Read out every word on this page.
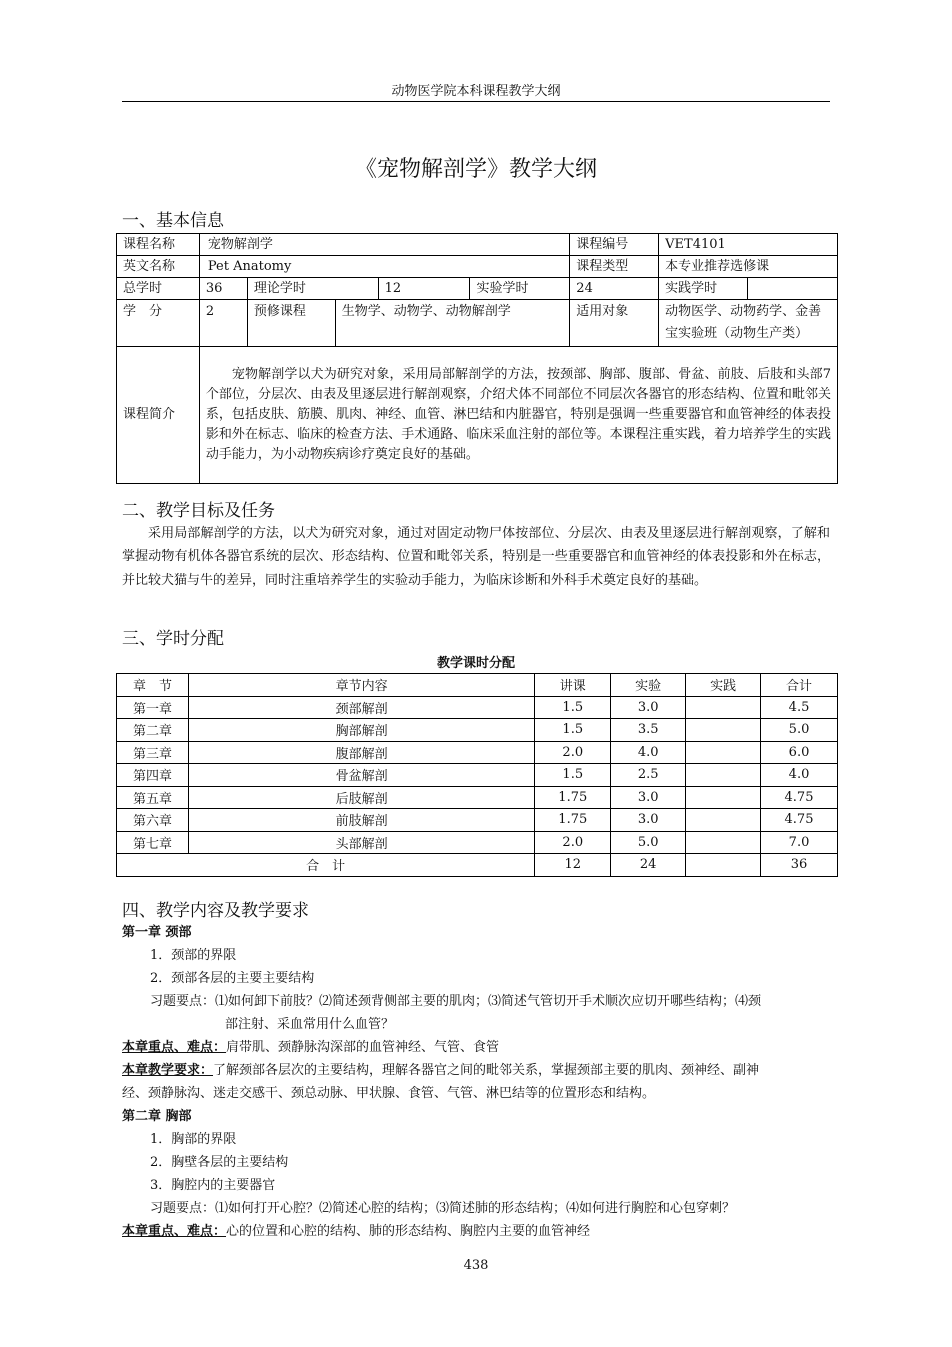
动物医学院本科课程教学大纲
《宠物解剖学》教学大纲
一、基本信息
课程名称	宠物解剖学					课程编号	VET4101	
英文名称	Pet Anatomy					课程类型	本专业推荐选修课	
总学时	36	理论学时		12	实验学时	24	实践学时	
学　分	2	预修课程	生物学、动物学、动物解剖学			适用对象	动物医学、动物药学、金善宝实验班（动物生产类）	
课程简介	宠物解剖学以犬为研究对象，采用局部解剖学的方法，按颈部、胸部、腹部、骨盆、前肢、后肢和头部7个部位，分层次、由表及里逐层进行解剖观察，介绍犬体不同部位不同层次各器官的形态结构、位置和毗邻关系，包括皮肤、筋膜、肌肉、神经、血管、淋巴结和内脏器官，特别是强调一些重要器官和血管神经的体表投影和外在标志、临床的检查方法、手术通路、临床采血注射的部位等。本课程注重实践，着力培养学生的实践动手能力，为小动物疾病诊疗奠定良好的基础。							
二、教学目标及任务
采用局部解剖学的方法，以犬为研究对象，通过对固定动物尸体按部位、分层次、由表及里逐层进行解剖观察，了解和掌握动物有机体各器官系统的层次、形态结构、位置和毗邻关系，特别是一些重要器官和血管神经的体表投影和外在标志，并比较犬猫与牛的差异，同时注重培养学生的实验动手能力，为临床诊断和外科手术奠定良好的基础。
三、学时分配
教学课时分配
章　节	章节内容	讲课	实验	实践	合计
第一章	颈部解剖	1.5	3.0		4.5
第二章	胸部解剖	1.5	3.5		5.0
第三章	腹部解剖	2.0	4.0		6.0
第四章	骨盆解剖	1.5	2.5		4.0
第五章	后肢解剖	1.75	3.0		4.75
第六章	前肢解剖	1.75	3.0		4.75
第七章	头部解剖	2.0	5.0		7.0
合　计		12	24		36
四、教学内容及教学要求
第一章 颈部
1．颈部的界限
2．颈部各层的主要主要结构
习题要点：⑴如何卸下前肢？⑵简述颈背侧部主要的肌肉；⑶简述气管切开手术顺次应切开哪些结构；⑷颈
部注射、采血常用什么血管？
本章重点、难点：肩带肌、颈静脉沟深部的血管神经、气管、食管
本章教学要求：了解颈部各层次的主要结构，理解各器官之间的毗邻关系，掌握颈部主要的肌肉、颈神经、副神
经、颈静脉沟、迷走交感干、颈总动脉、甲状腺、食管、气管、淋巴结等的位置形态和结构。
第二章 胸部
1．胸部的界限
2．胸壁各层的主要结构
3．胸腔内的主要器官
习题要点：⑴如何打开心腔？⑵简述心腔的结构；⑶简述肺的形态结构；⑷如何进行胸腔和心包穿刺？
本章重点、难点：心的位置和心腔的结构、肺的形态结构、胸腔内主要的血管神经
438
